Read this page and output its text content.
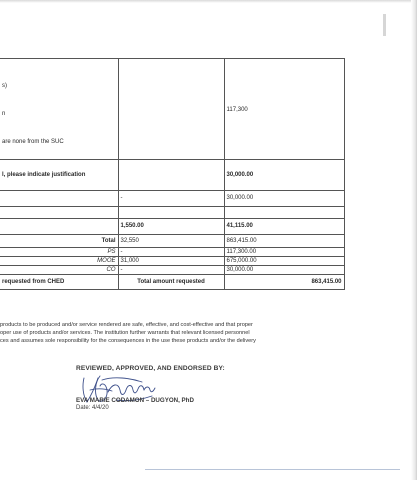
s)
n
are none from the SUC		117,300

l, please indicate justification		30,000.00
	-	30,000.00

	1,550.00	41,115.00
Total	32,550	863,415.00
PS	-	117,300.00
MOOE	31,000	675,000.00
CO	-	30,000.00
requested from CHED	Total amount requested	863,415.00
products to be produced and/or service rendered are safe, effective, and cost-effective and that proper
oper use of products and/or services. The institution further warrants that relevant licensed personnel
ces and assumes sole responsibility for the consequences in the use these products and/or the delivery
REVIEWED, APPROVED, AND ENDORSED BY:
EVA MARIE CODAMON – DUGYON, PhD
Date: 4/4/20
